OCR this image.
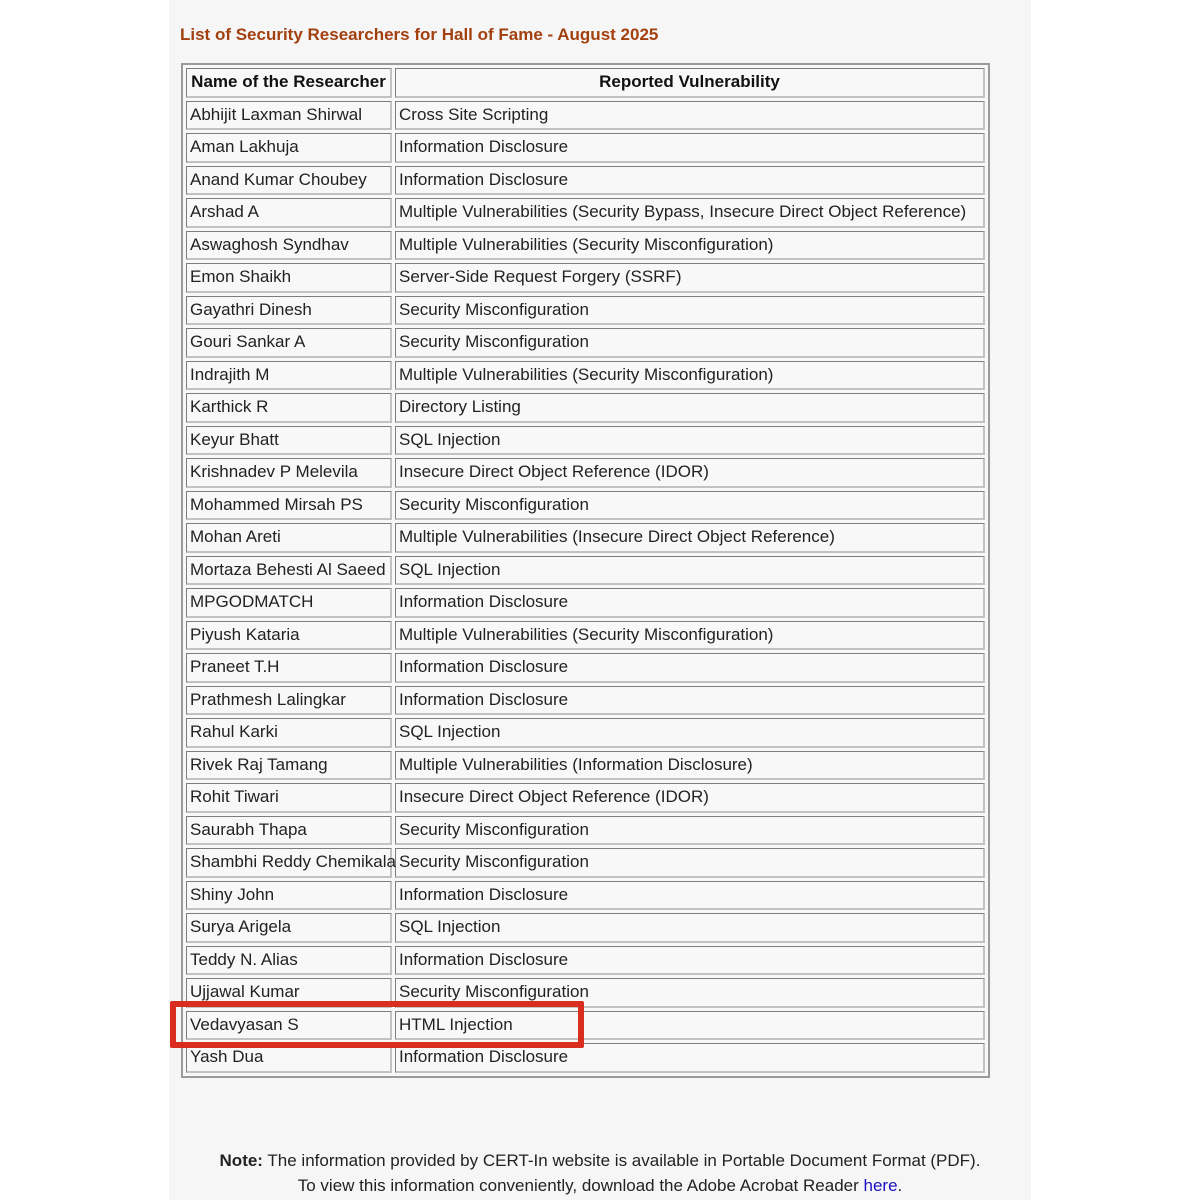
List of Security Researchers for Hall of Fame - August 2025
Name of the Researcher	Reported Vulnerability
Abhijit Laxman Shirwal	Cross Site Scripting
Aman Lakhuja	Information Disclosure
Anand Kumar Choubey	Information Disclosure
Arshad A	Multiple Vulnerabilities (Security Bypass, Insecure Direct Object Reference)
Aswaghosh Syndhav	Multiple Vulnerabilities (Security Misconfiguration)
Emon Shaikh	Server-Side Request Forgery (SSRF)
Gayathri Dinesh	Security Misconfiguration
Gouri Sankar A	Security Misconfiguration
Indrajith M	Multiple Vulnerabilities (Security Misconfiguration)
Karthick R	Directory Listing
Keyur Bhatt	SQL Injection
Krishnadev P Melevila	Insecure Direct Object Reference (IDOR)
Mohammed Mirsah PS	Security Misconfiguration
Mohan Areti	Multiple Vulnerabilities (Insecure Direct Object Reference)
Mortaza Behesti Al Saeed	SQL Injection
MPGODMATCH	Information Disclosure
Piyush Kataria	Multiple Vulnerabilities (Security Misconfiguration)
Praneet T.H	Information Disclosure
Prathmesh Lalingkar	Information Disclosure
Rahul Karki	SQL Injection
Rivek Raj Tamang	Multiple Vulnerabilities (Information Disclosure)
Rohit Tiwari	Insecure Direct Object Reference (IDOR)
Saurabh Thapa	Security Misconfiguration
Shambhi Reddy Chemikala	Security Misconfiguration
Shiny John	Information Disclosure
Surya Arigela	SQL Injection
Teddy N. Alias	Information Disclosure
Ujjawal Kumar	Security Misconfiguration
Vedavyasan S	HTML Injection
Yash Dua	Information Disclosure
Note: The information provided by CERT-In website is available in Portable Document Format (PDF).
To view this information conveniently, download the Adobe Acrobat Reader here.
